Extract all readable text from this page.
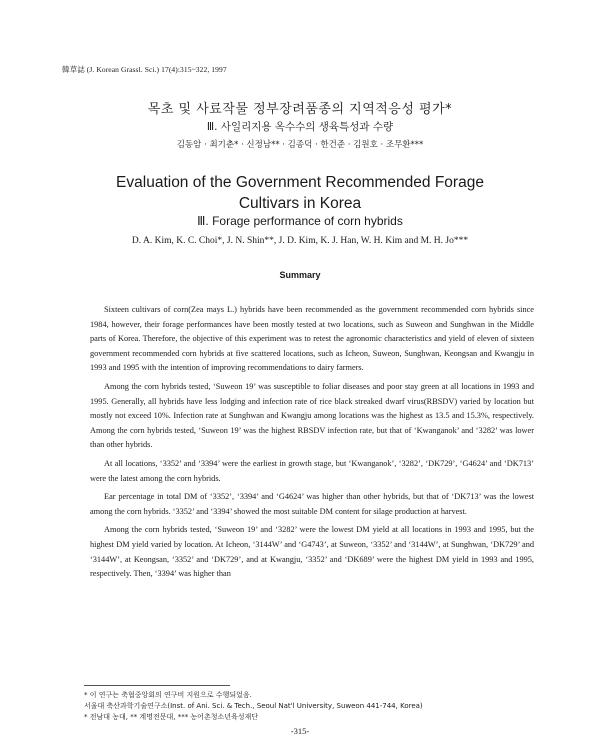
韓草誌 (J. Korean Grassl. Sci.) 17(4):315~322, 1997
목초 및 사료작물 정부장려품종의 지역적응성 평가*
Ⅲ. 사일리지용 옥수수의 생육특성과 수량
김동암 · 최기춘* · 신정남** · 김종덕 · 한건준 · 김원호 · 조무환***
Evaluation of the Government Recommended Forage
Cultivars in Korea
Ⅲ. Forage performance of corn hybrids
D. A. Kim, K. C. Choi*, J. N. Shin**, J. D. Kim, K. J. Han, W. H. Kim and M. H. Jo***
Summary

Sixteen cultivars of corn(Zea mays L.) hybrids have been recommended as the government recommended corn hybrids since 1984, however, their forage performances have been mostly tested at two locations, such as Suweon and Sunghwan in the Middle parts of Korea. Therefore, the objective of this experiment was to retest the agronomic characteristics and yield of eleven of sixteen government recommended corn hybrids at five scattered locations, such as Icheon, Suweon, Sunghwan, Keongsan and Kwangju in 1993 and 1995 with the intention of improving recommendations to dairy farmers.

Among the corn hybrids tested, ‘Suweon 19’ was susceptible to foliar diseases and poor stay green at all locations in 1993 and 1995. Generally, all hybrids have less lodging and infection rate of rice black streaked dwarf virus(RBSDV) varied by location but mostly not exceed 10%. Infection rate at Sunghwan and Kwangju among locations was the highest as 13.5 and 15.3%, respectively. Among the corn hybrids tested, ‘Suweon 19’ was the highest RBSDV infection rate, but that of ‘Kwanganok’ and ‘3282’ was lower than other hybrids.

At all locations, ‘3352’ and ‘3394’ were the earliest in growth stage, but ‘Kwanganok’, ‘3282’, ‘DK729’, ‘G4624’ and ‘DK713’ were the latest among the corn hybrids.

Ear percentage in total DM of ‘3352’, ‘3394’ and ‘G4624’ was higher than other hybrids, but that of ‘DK713’ was the lowest among the corn hybrids. ‘3352’ and ‘3394’ showed the most suitable DM content for silage production at harvest.

Among the corn hybrids tested, ‘Suweon 19’ and ‘3282’ were the lowest DM yield at all locations in 1993 and 1995, but the highest DM yield varied by location. At Icheon, ‘3144W’ and ‘G4743’, at Suweon, ‘3352’ and ‘3144W’, at Sunghwan, ‘DK729’ and ‘3144W’, at Keongsan, ‘3352’ and ‘DK729’, and at Kwangju, ‘3352’ and ‘DK689’ were the highest DM yield in 1993 and 1995, respectively. Then, ‘3394’ was higher than

* 이 연구는 축협중앙회의 연구비 지원으로 수행되었음.
서울대 축산과학기술연구소(Inst. of Ani. Sci. & Tech., Seoul Nat'l University, Suweon 441-744, Korea)
* 전남대 농대, ** 계명전문대, *** 농어촌청소년육성재단
-315-
